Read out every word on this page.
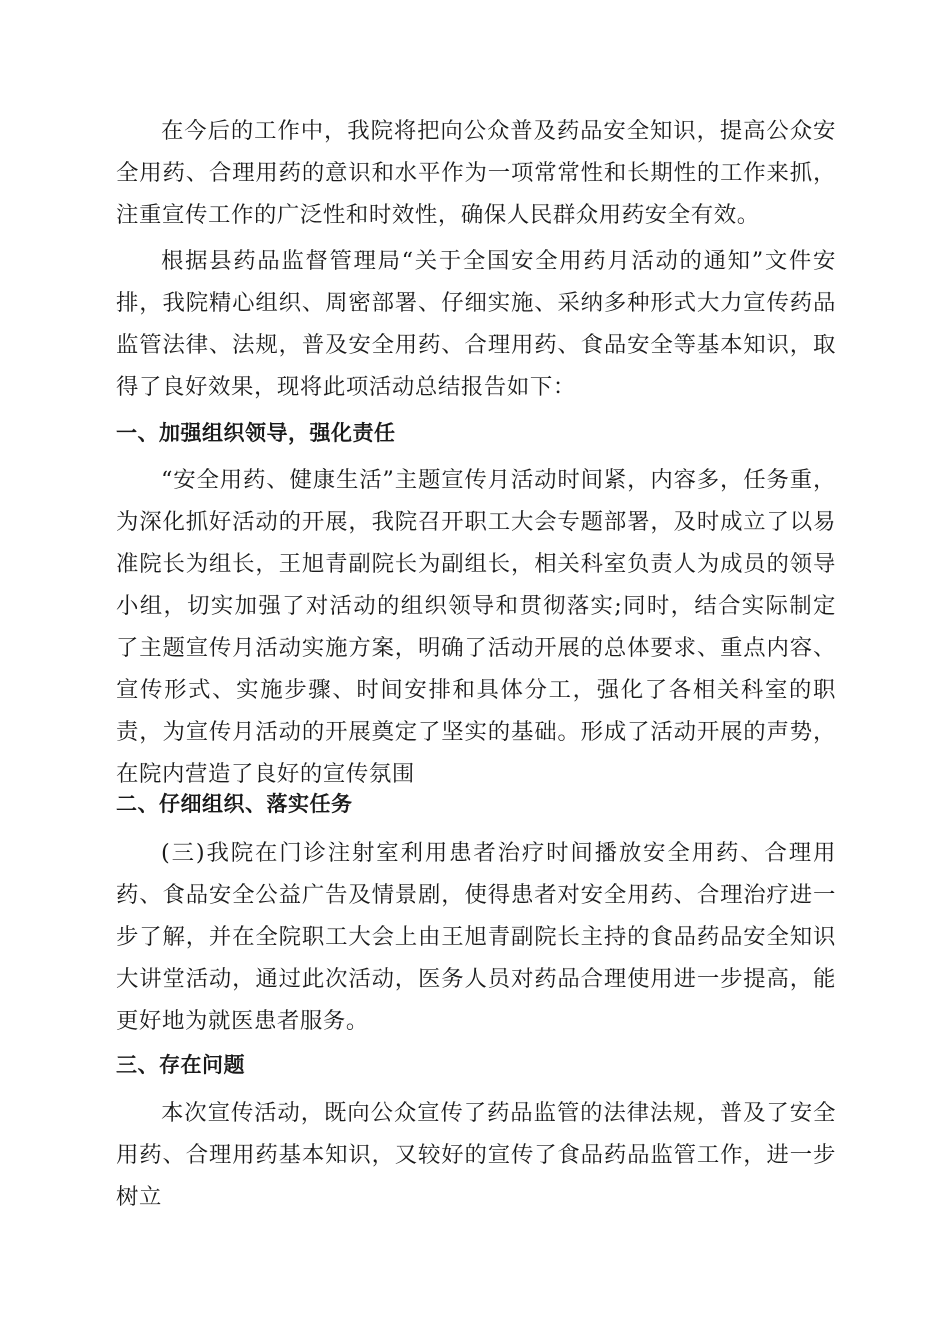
在今后的工作中，我院将把向公众普及药品安全知识，提高公众安全用药、合理用药的意识和水平作为一项常常性和长期性的工作来抓，注重宣传工作的广泛性和时效性，确保人民群众用药安全有效。

根据县药品监督管理局“关于全国安全用药月活动的通知”文件安排，我院精心组织、周密部署、仔细实施、采纳多种形式大力宣传药品监管法律、法规，普及安全用药、合理用药、食品安全等基本知识，取得了良好效果，现将此项活动总结报告如下：

一、加强组织领导，强化责任

“安全用药、健康生活”主题宣传月活动时间紧，内容多，任务重，为深化抓好活动的开展，我院召开职工大会专题部署，及时成立了以易准院长为组长，王旭青副院长为副组长，相关科室负责人为成员的领导小组，切实加强了对活动的组织领导和贯彻落实;同时，结合实际制定了主题宣传月活动实施方案，明确了活动开展的总体要求、重点内容、宣传形式、实施步骤、时间安排和具体分工，强化了各相关科室的职责，为宣传月活动的开展奠定了坚实的基础。形成了活动开展的声势，在院内营造了良好的宣传氛围

二、仔细组织、落实任务

(三)我院在门诊注射室利用患者治疗时间播放安全用药、合理用药、食品安全公益广告及情景剧，使得患者对安全用药、合理治疗进一步了解，并在全院职工大会上由王旭青副院长主持的食品药品安全知识大讲堂活动，通过此次活动，医务人员对药品合理使用进一步提高，能更好地为就医患者服务。

三、存在问题

本次宣传活动，既向公众宣传了药品监管的法律法规，普及了安全用药、合理用药基本知识，又较好的宣传了食品药品监管工作，进一步树立
